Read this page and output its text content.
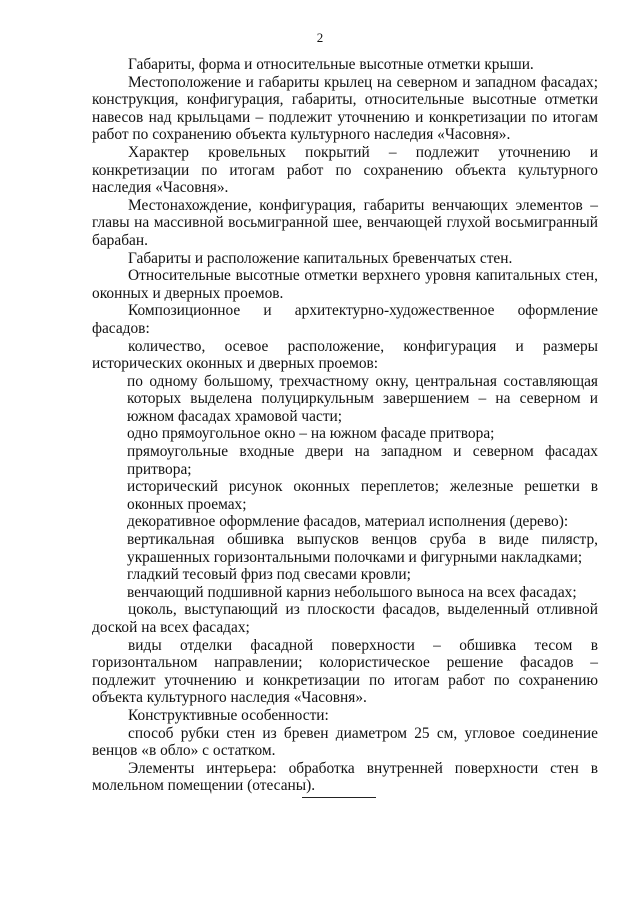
2

Габариты, форма и относительные высотные отметки крыши.

Местоположение и габариты крылец на северном и западном фасадах; конструкция, конфигурация, габариты, относительные высотные отметки навесов над крыльцами – подлежит уточнению и конкретизации по итогам работ по сохранению объекта культурного наследия «Часовня».

Характер кровельных покрытий – подлежит уточнению и конкретизации по итогам работ по сохранению объекта культурного наследия «Часовня».

Местонахождение, конфигурация, габариты венчающих элементов – главы на массивной восьмигранной шее, венчающей глухой восьмигранный барабан.

Габариты и расположение капитальных бревенчатых стен.

Относительные высотные отметки верхнего уровня капитальных стен, оконных и дверных проемов.

Композиционное и архитектурно-художественное оформление фасадов:

количество, осевое расположение, конфигурация и размеры исторических оконных и дверных проемов:

по одному большому, трехчастному окну, центральная составляющая которых выделена полуциркульным завершением – на северном и южном фасадах храмовой части;

одно прямоугольное окно – на южном фасаде притвора;

прямоугольные входные двери на западном и северном фасадах притвора;

исторический рисунок оконных переплетов; железные решетки в оконных проемах;

декоративное оформление фасадов, материал исполнения (дерево):

вертикальная обшивка выпусков венцов сруба в виде пилястр, украшенных горизонтальными полочками и фигурными накладками;

гладкий тесовый фриз под свесами кровли;

венчающий подшивной карниз небольшого выноса на всех фасадах;

цоколь, выступающий из плоскости фасадов, выделенный отливной доской на всех фасадах;

виды отделки фасадной поверхности – обшивка тесом в горизонтальном направлении; колористическое решение фасадов – подлежит уточнению и конкретизации по итогам работ по сохранению объекта культурного наследия «Часовня».

Конструктивные особенности:

способ рубки стен из бревен диаметром 25 см, угловое соединение венцов «в обло» с остатком.

Элементы интерьера: обработка внутренней поверхности стен в молельном помещении (отесаны).
